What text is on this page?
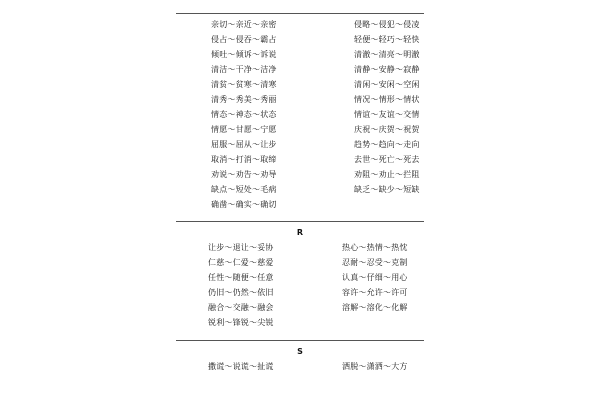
亲切～亲近～亲密
侵占～侵吞～霸占
倾吐～倾诉～诉说
清洁～干净～洁净
清贫～贫寒～清寒
清秀～秀美～秀丽
情态～神态～状态
情愿～甘愿～宁愿
屈服～屈从～让步
取消～打消～取缔
劝说～劝告～劝导
缺点～短处～毛病
确凿～确实～确切
侵略～侵犯～侵凌
轻便～轻巧～轻快
清澈～清亮～明澈
清静～安静～寂静
清闲～安闲～空闲
情况～情形～情状
情谊～友谊～交情
庆祝～庆贺～祝贺
趋势～趋向～走向
去世～死亡～死去
劝阻～劝止～拦阻
缺乏～缺少～短缺
R
让步～退让～妥协
仁慈～仁爱～慈爱
任性～随便～任意
仍旧～仍然～依旧
融合～交融～融会
锐利～锋锐～尖锐
热心～热情～热忱
忍耐～忍受～克制
认真～仔细～用心
容许～允许～许可
溶解～溶化～化解
S
撒谎～说谎～扯谎	洒脱～潇洒～大方
